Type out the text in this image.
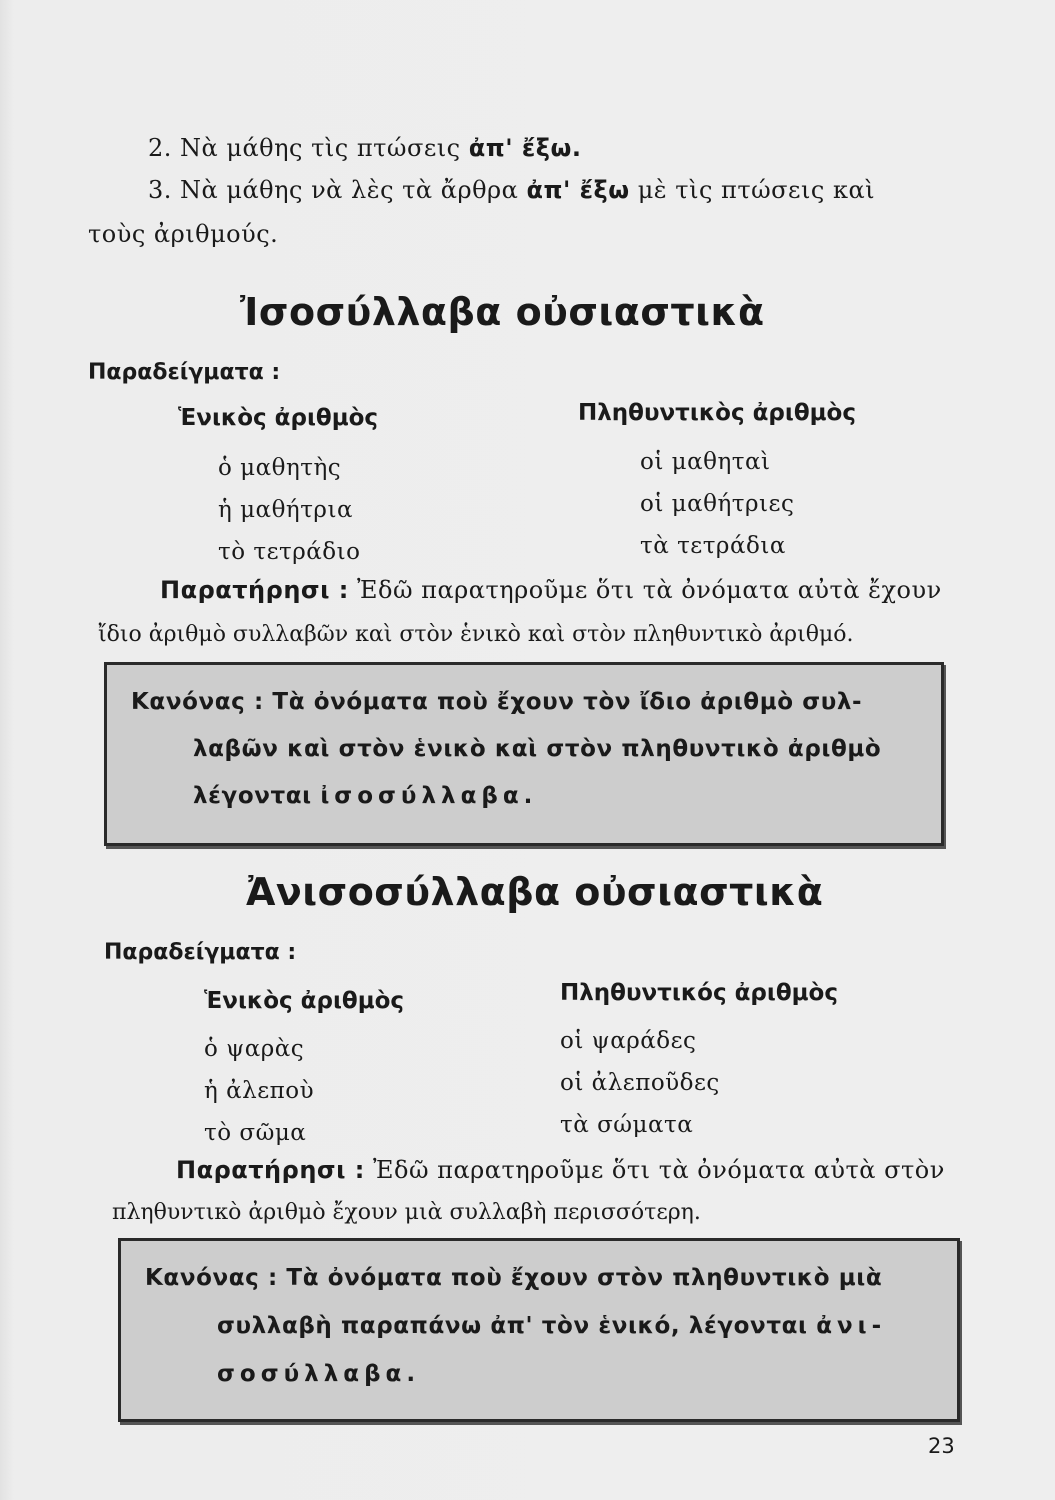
2. Νὰ μάθης τὶς πτώσεις ἀπ' ἔξω.
3. Νὰ μάθης νὰ λὲς τὰ ἄρθρα ἀπ' ἔξω μὲ τὶς πτώσεις καὶ
τοὺς ἀριθμούς.
Ἰσοσύλλαβα οὐσιαστικὰ
Παραδείγματα :
Ἑνικὸς ἀριθμὸς	Πληθυντικὸς ἀριθμὸς
ὁ μαθητὴς
ἡ μαθήτρια
τὸ τετράδιο
οἱ μαθηταὶ
οἱ μαθήτριες
τὰ τετράδια
Παρατήρησι : Ἐδῶ παρατηροῦμε ὅτι τὰ ὀνόματα αὐτὰ ἔχουν
ἴδιο ἀριθμὸ συλλαβῶν καὶ στὸν ἑνικὸ καὶ στὸν πληθυντικὸ ἀριθμό.
Κανόνας : Τὰ ὀνόματα ποὺ ἔχουν τὸν ἴδιο ἀριθμὸ συλ-
λαβῶν καὶ στὸν ἑνικὸ καὶ στὸν πληθυντικὸ ἀριθμὸ
λέγονται ἰσοσύλλαβα.
Ἀνισοσύλλαβα οὐσιαστικὰ
Παραδείγματα :
Ἑνικὸς ἀριθμὸς	Πληθυντικός ἀριθμὸς
ὁ ψαρὰς
ἡ ἀλεποὺ
τὸ σῶμα
οἱ ψαράδες
οἱ ἀλεποῦδες
τὰ σώματα
Παρατήρησι : Ἐδῶ παρατηροῦμε ὅτι τὰ ὀνόματα αὐτὰ στὸν
πληθυντικὸ ἀριθμὸ ἔχουν μιὰ συλλαβὴ περισσότερη.
Κανόνας : Τὰ ὀνόματα ποὺ ἔχουν στὸν πληθυντικὸ μιὰ
συλλαβὴ παραπάνω ἀπ' τὸν ἑνικό, λέγονται ἀνι-
σοσύλλαβα.
23
